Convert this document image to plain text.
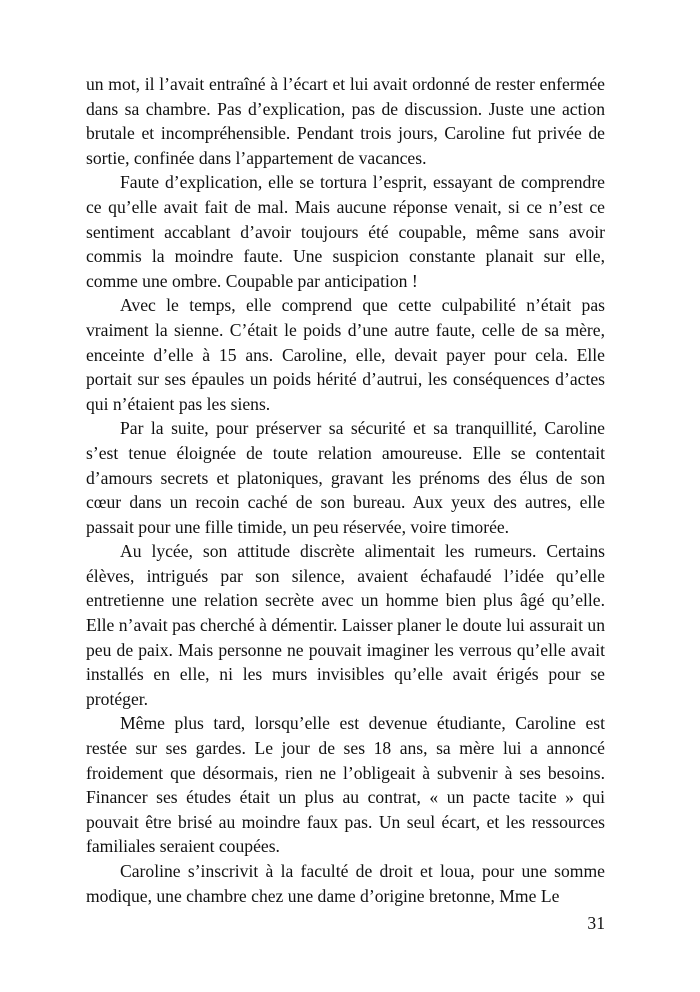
un mot, il l’avait entraîné à l’écart et lui avait ordonné de rester enfermée dans sa chambre. Pas d’explication, pas de discussion. Juste une action brutale et incompréhensible. Pendant trois jours, Caroline fut privée de sortie, confinée dans l’appartement de vacances.

Faute d’explication, elle se tortura l’esprit, essayant de comprendre ce qu’elle avait fait de mal. Mais aucune réponse venait, si ce n’est ce sentiment accablant d’avoir toujours été coupable, même sans avoir commis la moindre faute. Une suspicion constante planait sur elle, comme une ombre. Coupable par anticipation !

Avec le temps, elle comprend que cette culpabilité n’était pas vraiment la sienne. C’était le poids d’une autre faute, celle de sa mère, enceinte d’elle à 15 ans. Caroline, elle, devait payer pour cela. Elle portait sur ses épaules un poids hérité d’autrui, les conséquences d’actes qui n’étaient pas les siens.

Par la suite, pour préserver sa sécurité et sa tranquillité, Caroline s’est tenue éloignée de toute relation amoureuse. Elle se contentait d’amours secrets et platoniques, gravant les prénoms des élus de son cœur dans un recoin caché de son bureau. Aux yeux des autres, elle passait pour une fille timide, un peu réservée, voire timorée.

Au lycée, son attitude discrète alimentait les rumeurs. Certains élèves, intrigués par son silence, avaient échafaudé l’idée qu’elle entretienne une relation secrète avec un homme bien plus âgé qu’elle. Elle n’avait pas cherché à démentir. Laisser planer le doute lui assurait un peu de paix. Mais personne ne pouvait imaginer les verrous qu’elle avait installés en elle, ni les murs invisibles qu’elle avait érigés pour se protéger.

Même plus tard, lorsqu’elle est devenue étudiante, Caroline est restée sur ses gardes. Le jour de ses 18 ans, sa mère lui a annoncé froidement que désormais, rien ne l’obligeait à subvenir à ses besoins. Financer ses études était un plus au contrat, « un pacte tacite » qui pouvait être brisé au moindre faux pas. Un seul écart, et les ressources familiales seraient coupées.

Caroline s’inscrivit à la faculté de droit et loua, pour une somme modique, une chambre chez une dame d’origine bretonne, Mme Le

31
